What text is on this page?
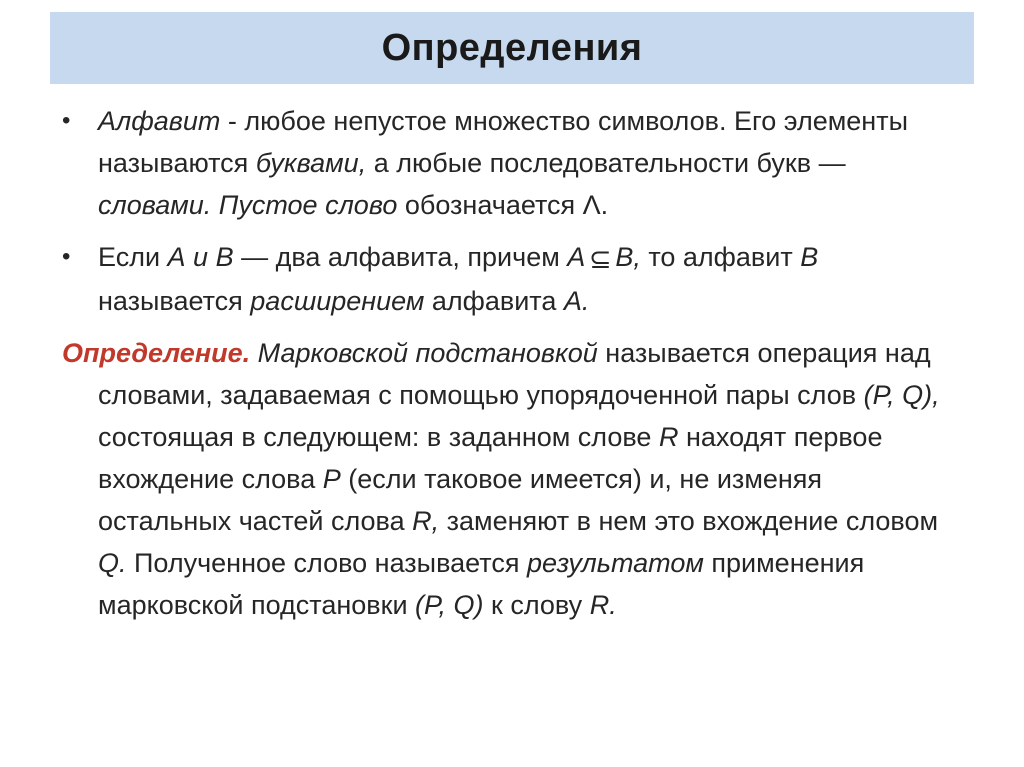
Определения
•	Алфавит - любое непустое множество символов. Его элементы называются буквами, а любые последовательности букв — словами. Пустое слово обозначается Λ.
•	Если А и В — два алфавита, причем А ⊆ В, то алфавит В называется расширением алфавита А.
Определение. Марковской подстановкой называется операция над словами, задаваемая с помощью упорядоченной пары слов (P, Q), состоящая в следующем: в заданном слове R находят первое вхождение слова P (если таковое имеется) и, не изменяя остальных частей слова R, заменяют в нем это вхождение словом Q. Полученное слово называется результатом применения марковской подстановки (P, Q) к слову R.
